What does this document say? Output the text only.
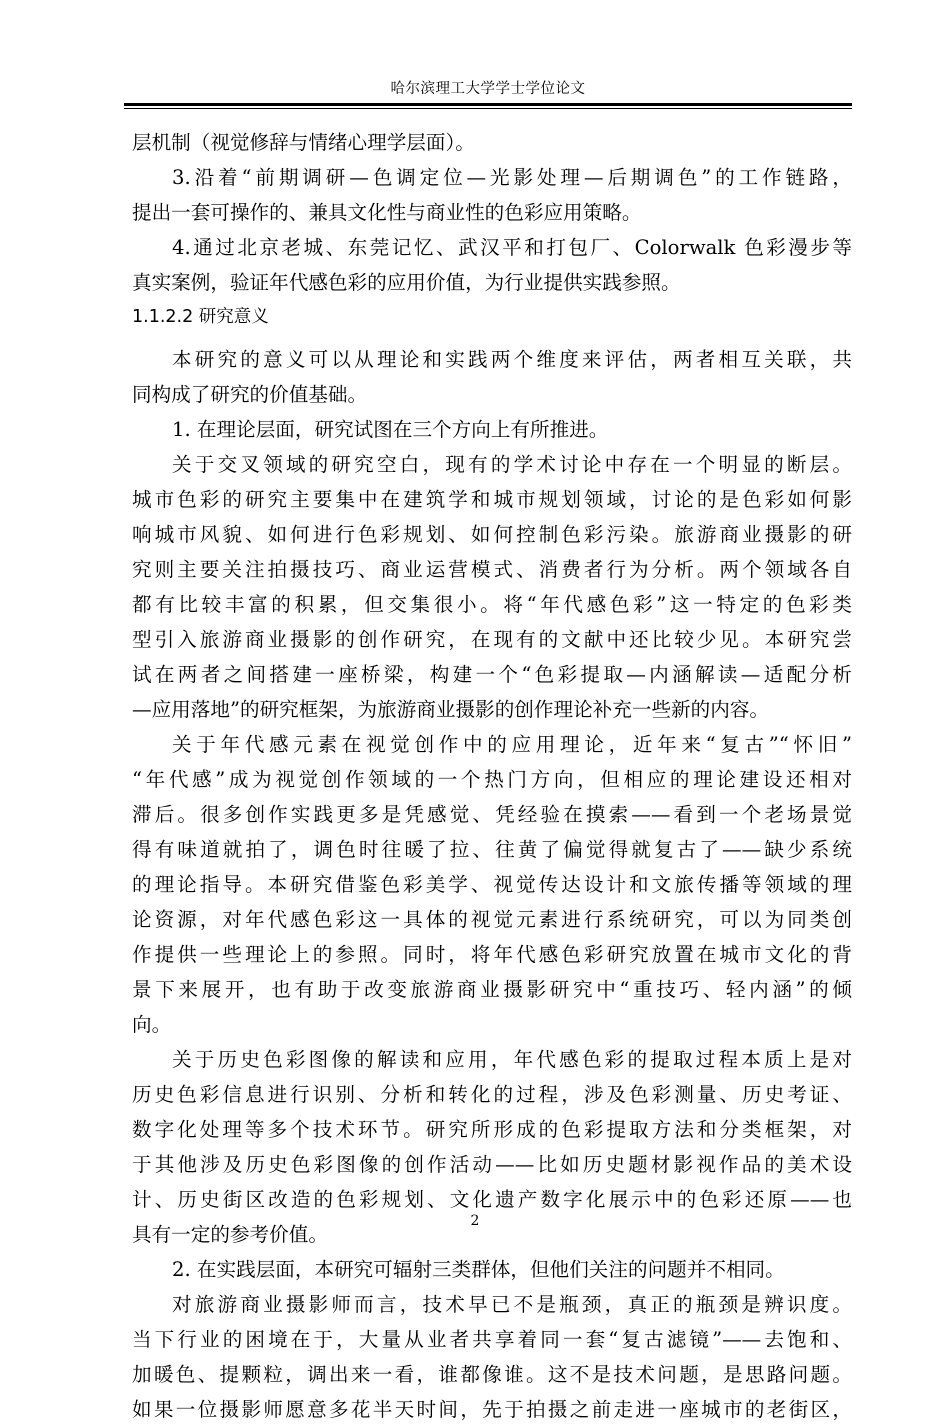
哈尔滨理工大学学士学位论文
层机制（视觉修辞与情绪心理学层面）。
3.沿着“前期调研—色调定位—光影处理—后期调色”的工作链路，
提出一套可操作的、兼具文化性与商业性的色彩应用策略。
4.通过北京老城、东莞记忆、武汉平和打包厂、Colorwalk 色彩漫步等
真实案例，验证年代感色彩的应用价值，为行业提供实践参照。
1.1.2.2 研究意义
本研究的意义可以从理论和实践两个维度来评估，两者相互关联，共
同构成了研究的价值基础。
1. 在理论层面，研究试图在三个方向上有所推进。
关于交叉领域的研究空白，现有的学术讨论中存在一个明显的断层。
城市色彩的研究主要集中在建筑学和城市规划领域，讨论的是色彩如何影
响城市风貌、如何进行色彩规划、如何控制色彩污染。旅游商业摄影的研
究则主要关注拍摄技巧、商业运营模式、消费者行为分析。两个领域各自
都有比较丰富的积累，但交集很小。将“年代感色彩”这一特定的色彩类
型引入旅游商业摄影的创作研究，在现有的文献中还比较少见。本研究尝
试在两者之间搭建一座桥梁，构建一个“色彩提取—内涵解读—适配分析
—应用落地”的研究框架，为旅游商业摄影的创作理论补充一些新的内容。
关于年代感元素在视觉创作中的应用理论，近年来“复古”“怀旧”
“年代感”成为视觉创作领域的一个热门方向，但相应的理论建设还相对
滞后。很多创作实践更多是凭感觉、凭经验在摸索——看到一个老场景觉
得有味道就拍了，调色时往暖了拉、往黄了偏觉得就复古了——缺少系统
的理论指导。本研究借鉴色彩美学、视觉传达设计和文旅传播等领域的理
论资源，对年代感色彩这一具体的视觉元素进行系统研究，可以为同类创
作提供一些理论上的参照。同时，将年代感色彩研究放置在城市文化的背
景下来展开，也有助于改变旅游商业摄影研究中“重技巧、轻内涵”的倾
向。
关于历史色彩图像的解读和应用，年代感色彩的提取过程本质上是对
历史色彩信息进行识别、分析和转化的过程，涉及色彩测量、历史考证、
数字化处理等多个技术环节。研究所形成的色彩提取方法和分类框架，对
于其他涉及历史色彩图像的创作活动——比如历史题材影视作品的美术设
计、历史街区改造的色彩规划、文化遗产数字化展示中的色彩还原——也
具有一定的参考价值。
2. 在实践层面，本研究可辐射三类群体，但他们关注的问题并不相同。
对旅游商业摄影师而言，技术早已不是瓶颈，真正的瓶颈是辨识度。
当下行业的困境在于，大量从业者共享着同一套“复古滤镜”——去饱和、
加暖色、提颗粒，调出来一看，谁都像谁。这不是技术问题，是思路问题。
如果一位摄影师愿意多花半天时间，先于拍摄之前走进一座城市的老街区，
2
